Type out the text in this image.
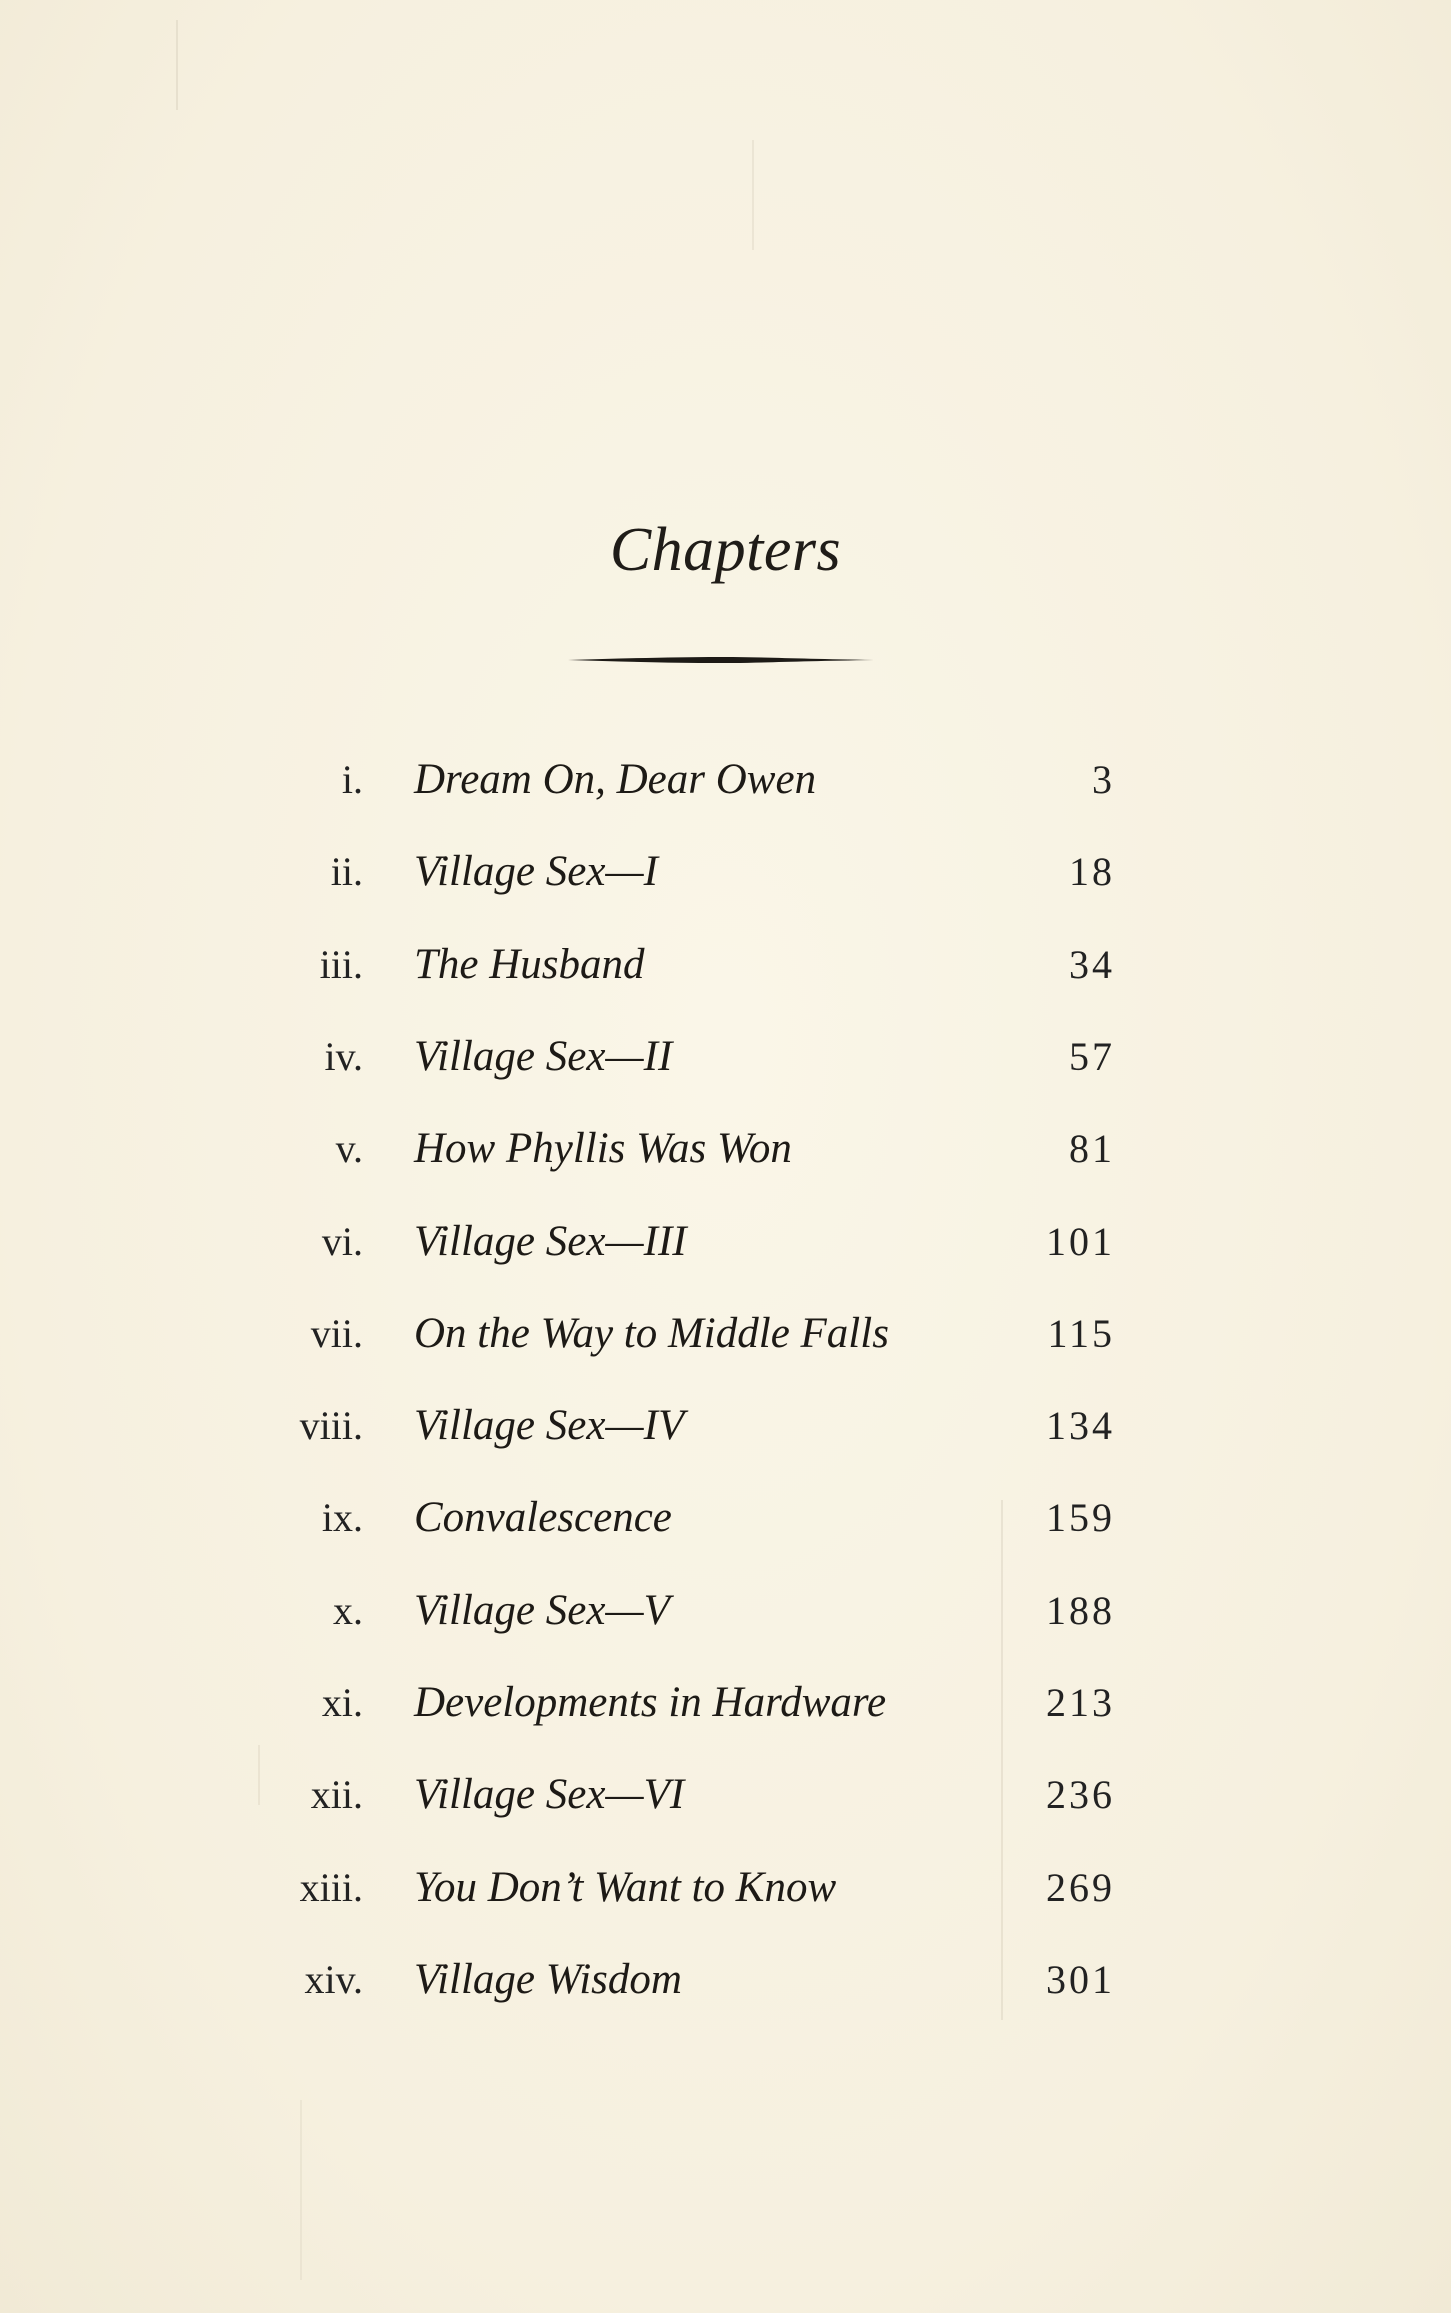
Chapters
i. Dream On, Dear Owen	3
ii. Village Sex—I	18
iii. The Husband	34
iv. Village Sex—II	57
v. How Phyllis Was Won	81
vi. Village Sex—III	101
vii. On the Way to Middle Falls	115
viii. Village Sex—IV	134
ix. Convalescence	159
x. Village Sex—V	188
xi. Developments in Hardware	213
xii. Village Sex—VI	236
xiii. You Don’t Want to Know	269
xiv. Village Wisdom	301
